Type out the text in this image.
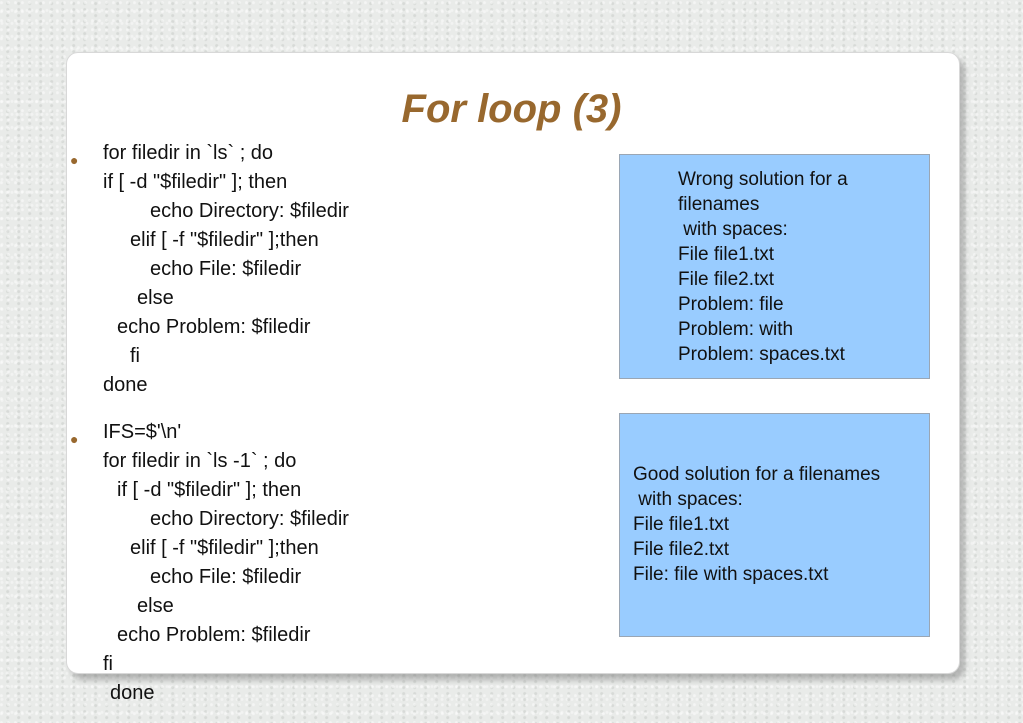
For loop (3)
● for filedir in `ls` ; do
if [ -d "$filedir" ]; then
echo Directory: $filedir
elif [ -f "$filedir" ];then
echo File: $filedir
else
echo Problem: $filedir
fi
done
● IFS=$'\n'
for filedir in `ls -1` ; do
if [ -d "$filedir" ]; then
echo Directory: $filedir
elif [ -f "$filedir" ];then
echo File: $filedir
else
echo Problem: $filedir
fi
done
Wrong solution for a
filenames
with spaces:
File file1.txt
File file2.txt
Problem: file
Problem: with
Problem: spaces.txt
Good solution for a filenames
with spaces:
File file1.txt
File file2.txt
File: file with spaces.txt
